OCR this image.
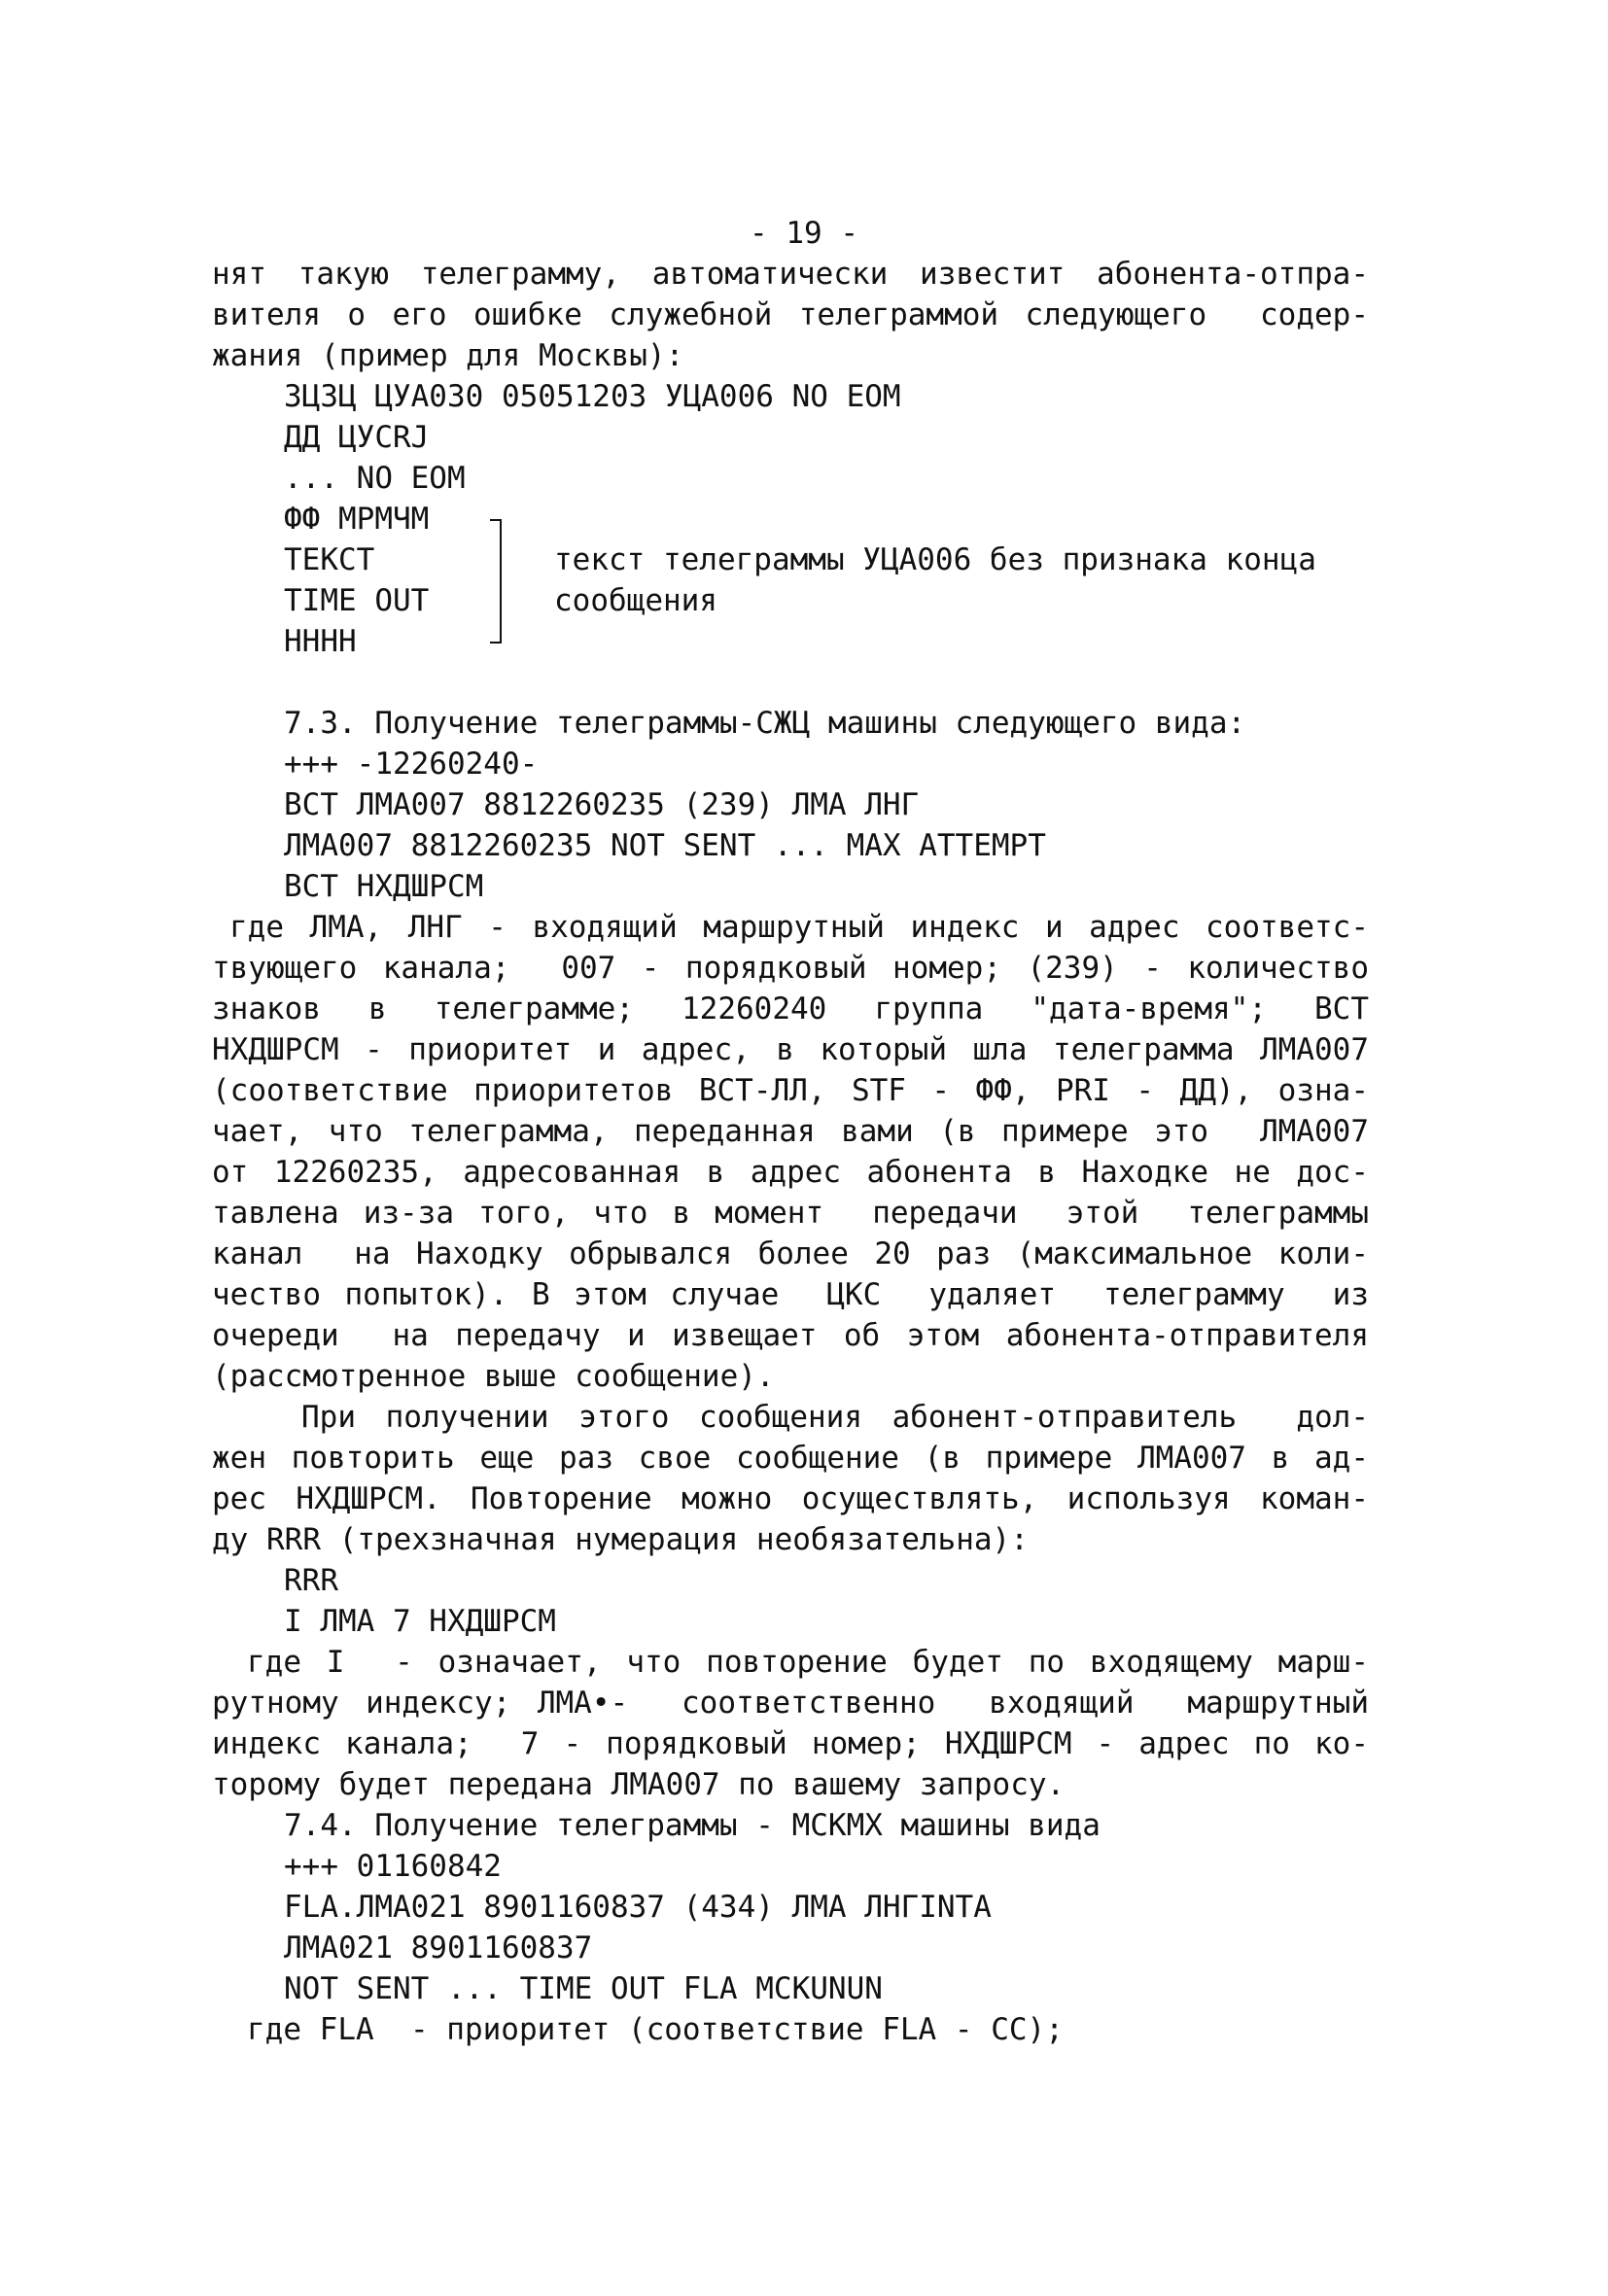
- 19 -
нят такую телеграмму, автоматически известит абонента-отпра-
вителя о его ошибке служебной телеграммой следующего  содер-
жания (пример для Москвы):
ЗЦЗЦ ЦУА030 05051203 УЦА006 NO EOM
ДД ЦУCRJ
... NO EOM
ФФ МРМЧМ
ТЕКСТ
TIME OUT
НННН
текст телеграммы УЦА006 без признака конца
сообщения
7.3. Получение телеграммы-СЖЦ машины следующего вида:
+++ -12260240-
ВСТ ЛМА007 8812260235 (239) ЛМА ЛНГ
ЛМА007 8812260235 NOT SENT ... MAX ATTEMPT
ВСТ НХДШРСМ
где ЛМА, ЛНГ - входящий маршрутный индекс и адрес соответс-
твующего канала;  007 - порядковый номер; (239) - количество
знаков  в  телеграмме;  12260240  группа  "дата-время";  ВСТ
НХДШРСМ - приоритет и адрес, в который шла телеграмма ЛМА007
(соответствие приоритетов ВСТ-ЛЛ, STF - ФФ, PRI - ДД), озна-
чает, что телеграмма, переданная вами (в примере это  ЛМА007
от 12260235, адресованная в адрес абонента в Находке не дос-
тавлена из-за того, что в момент  передачи  этой  телеграммы
канал  на Находку обрывался более 20 раз (максимальное коли-
чество попыток). В этом случае  ЦКС  удаляет  телеграмму  из
очереди  на передачу и извещает об этом абонента-отправителя
(рассмотренное выше сообщение).
При получении этого сообщения абонент-отправитель  дол-
жен повторить еще раз свое сообщение (в примере ЛМА007 в ад-
рес НХДШРСМ. Повторение можно осуществлять, используя коман-
ду RRR (трехзначная нумерация необязательна):
RRR
I ЛМА 7 НХДШРСМ
где I  - означает, что повторение будет по входящему марш-
рутному индексу; ЛМА•-  соответственно  входящий  маршрутный
индекс канала;  7 - порядковый номер; НХДШРСМ - адрес по ко-
торому будет передана ЛМА007 по вашему запросу.
7.4. Получение телеграммы - МСКМХ машины вида
+++ 01160842
FLA.ЛМА021 8901160837 (434) ЛМА ЛНГINTA
ЛМА021 8901160837
NOT SENT ... TIME OUT FLA МСКUNUN
где FLA  - приоритет (соответствие FLA - СС);
